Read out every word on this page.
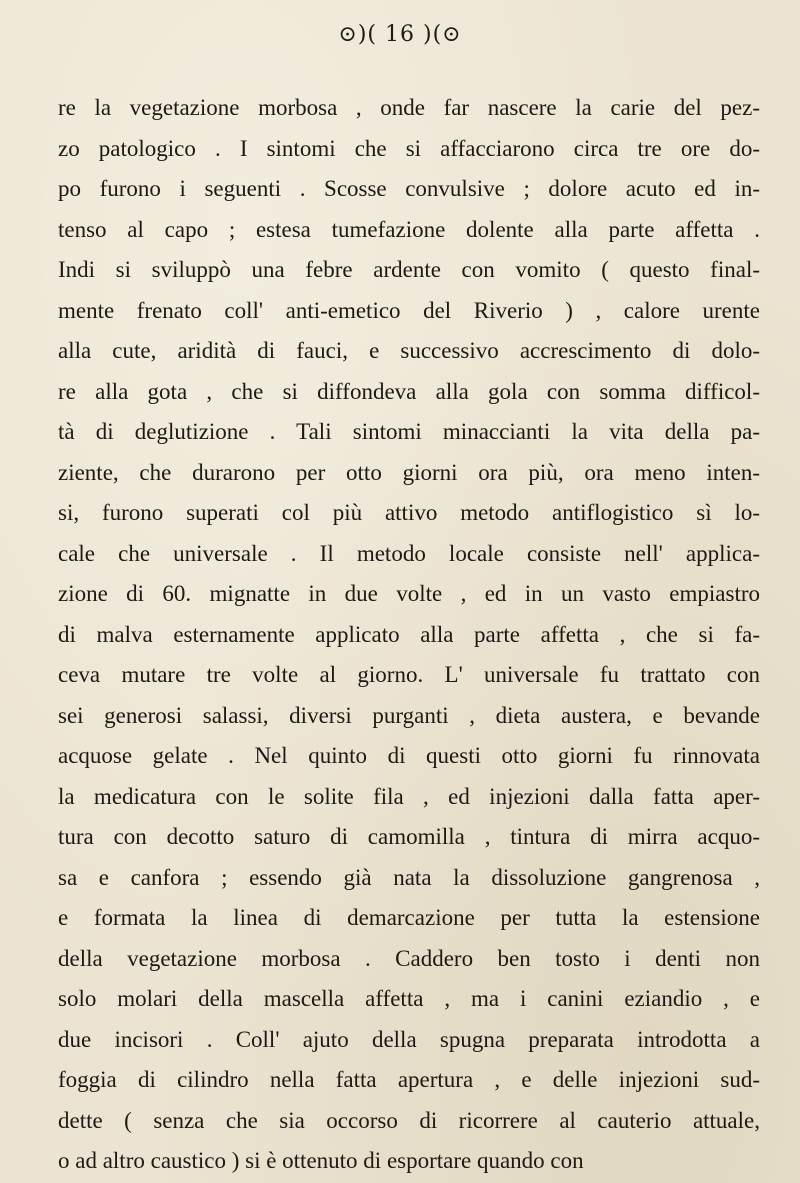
⊙)( 16 )(⊙
re la vegetazione morbosa , onde far nascere la carie del pez-
zo patologico . I sintomi che si affacciarono circa tre ore do-
po furono i seguenti . Scosse convulsive ; dolore acuto ed in-
tenso al capo ; estesa tumefazione dolente alla parte affetta .
Indi si sviluppò una febre ardente con vomito ( questo final-
mente frenato coll' anti-emetico del Riverio ) , calore urente
alla cute, aridità di fauci, e successivo accrescimento di dolo-
re alla gota , che si diffondeva alla gola con somma difficol-
tà di deglutizione . Tali sintomi minaccianti la vita della pa-
ziente, che durarono per otto giorni ora più, ora meno inten-
si, furono superati col più attivo metodo antiflogistico sì lo-
cale che universale . Il metodo locale consiste nell' applica-
zione di 60. mignatte in due volte , ed in un vasto empiastro
di malva esternamente applicato alla parte affetta , che si fa-
ceva mutare tre volte al giorno. L' universale fu trattato con
sei generosi salassi, diversi purganti , dieta austera, e bevande
acquose gelate . Nel quinto di questi otto giorni fu rinnovata
la medicatura con le solite fila , ed injezioni dalla fatta aper-
tura con decotto saturo di camomilla , tintura di mirra acquo-
sa e canfora ; essendo già nata la dissoluzione gangrenosa ,
e formata la linea di demarcazione per tutta la estensione
della vegetazione morbosa . Caddero ben tosto i denti non
solo molari della mascella affetta , ma i canini eziandio , e
due incisori . Coll' ajuto della spugna preparata introdotta a
foggia di cilindro nella fatta apertura , e delle injezioni sud-
dette ( senza che sia occorso di ricorrere al cauterio attuale,
o ad altro caustico ) si è ottenuto di esportare quando con
